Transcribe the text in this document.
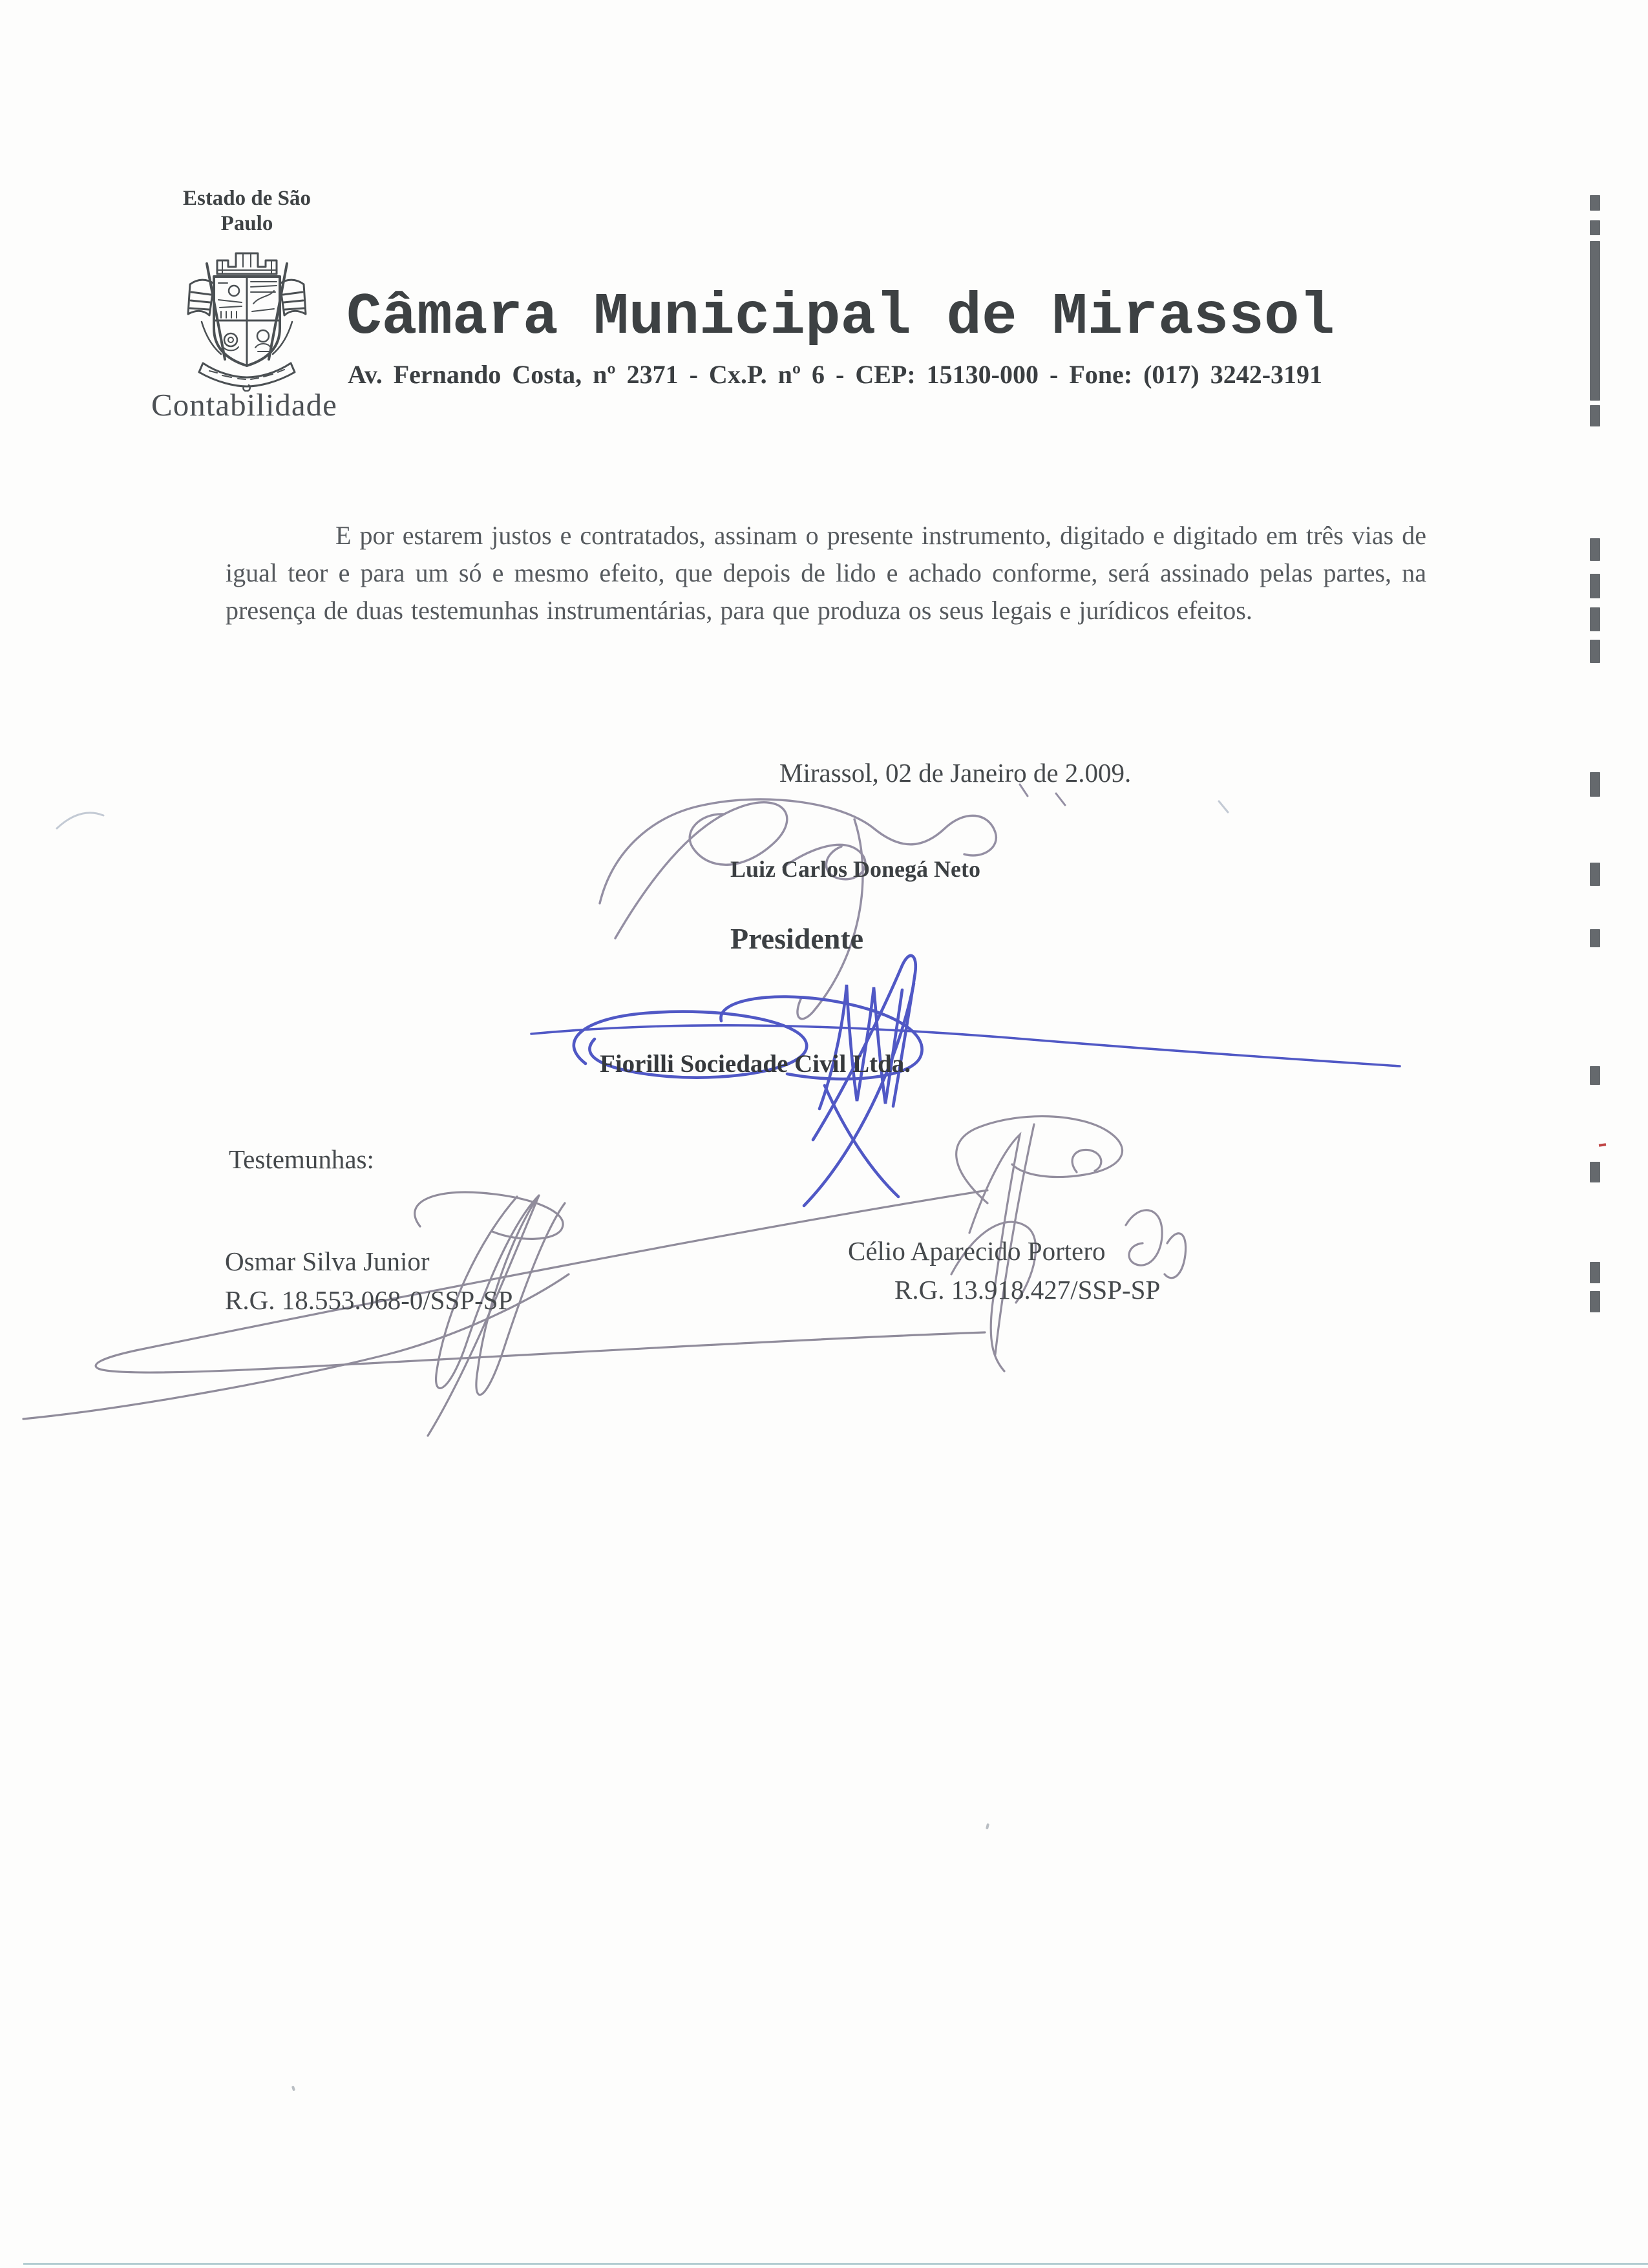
Estado de São
Paulo
Contabilidade
Câmara Municipal de Mirassol
Av. Fernando Costa, nº 2371 - Cx.P. nº 6 - CEP: 15130-000 - Fone: (017) 3242-3191

E por estarem justos e contratados, assinam o presente instrumento, digitado e digitado em três vias de igual teor e para um só e mesmo efeito, que depois de lido e achado conforme, será assinado pelas partes, na presença de duas testemunhas instrumentárias, para que produza os seus legais e jurídicos efeitos.

Mirassol, 02 de Janeiro de 2.009.
Luiz Carlos Donegá Neto
Presidente
Fiorilli Sociedade Civil Ltda.
Testemunhas:
Osmar Silva Junior
R.G. 18.553.068-0/SSP-SP
Célio Aparecido Portero
R.G. 13.918.427/SSP-SP
